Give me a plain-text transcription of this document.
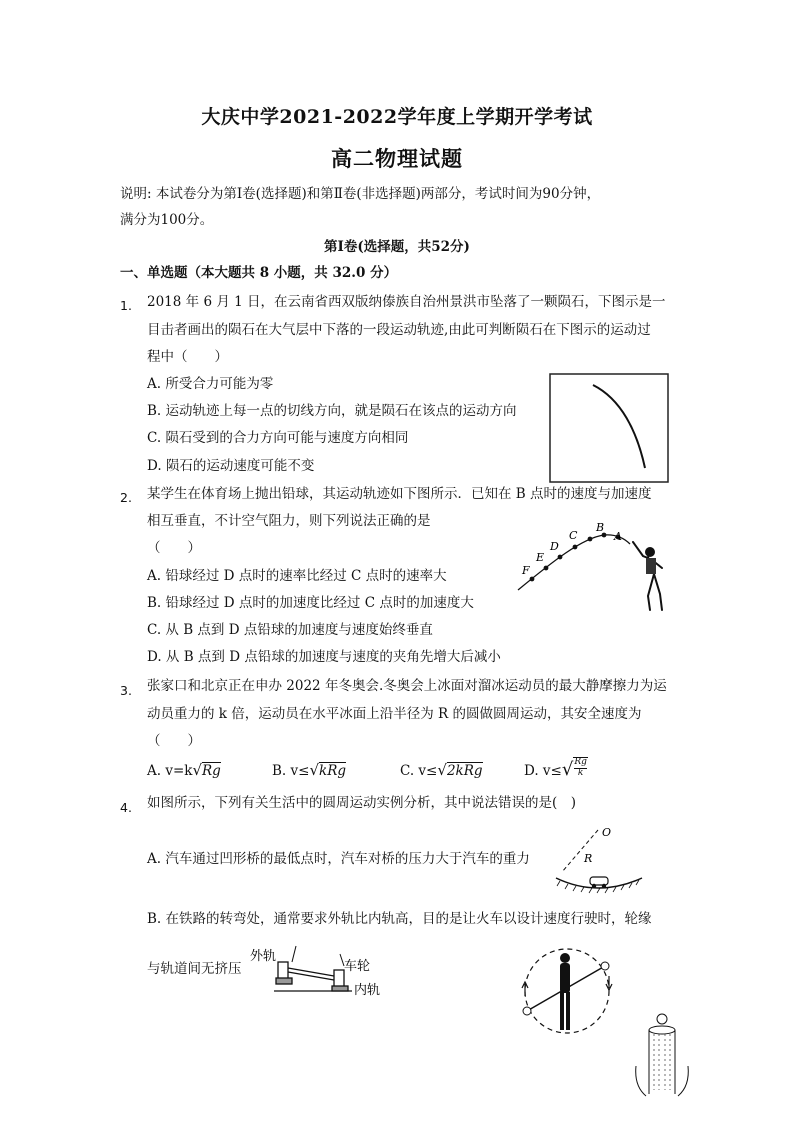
大庆中学2021-2022学年度上学期开学考试
高二物理试题
说明: 本试卷分为第Ⅰ卷(选择题)和第Ⅱ卷(非选择题)两部分，考试时间为90分钟，
满分为100分。
第Ⅰ卷(选择题，共52分)
一、单选题（本大题共 8 小题，共 32.0 分）
1. 2018 年 6 月 1 日，在云南省西双版纳傣族自治州景洪市坠落了一颗陨石，下图示是一
目击者画出的陨石在大气层中下落的一段运动轨迹,由此可判断陨石在下图示的运动过
程中（　　）
A. 所受合力可能为零
B. 运动轨迹上每一点的切线方向，就是陨石在该点的运动方向
C. 陨石受到的合力方向可能与速度方向相同
D. 陨石的运动速度可能不变
2. 某学生在体育场上抛出铅球，其运动轨迹如下图所示．已知在 B 点时的速度与加速度
相互垂直，不计空气阻力，则下列说法正确的是
（　　）
A. 铅球经过 D 点时的速率比经过 C 点时的速率大
B. 铅球经过 D 点时的加速度比经过 C 点时的加速度大
C. 从 B 点到 D 点铅球的加速度与速度始终垂直
D. 从 B 点到 D 点铅球的加速度与速度的夹角先增大后减小
F
E
D
C
B
A
3. 张家口和北京正在申办 2022 年冬奥会.冬奥会上冰面对溜冰运动员的最大静摩擦力为运
动员重力的 k 倍，运动员在水平冰面上沿半径为 R 的圆做圆周运动，其安全速度为
（　　）
A. v=k√Rg	B. v≤√kRg	C. v≤√2kRg	D. v≤ √ Rg
k
4. 如图所示，下列有关生活中的圆周运动实例分析，其中说法错误的是(　)
A. 汽车通过凹形桥的最低点时，汽车对桥的压力大于汽车的重力
B. 在铁路的转弯处，通常要求外轨比内轨高，目的是让火车以设计速度行驶时，轮缘
与轨道间无挤压
O
R
外轨
车轮
内轨
